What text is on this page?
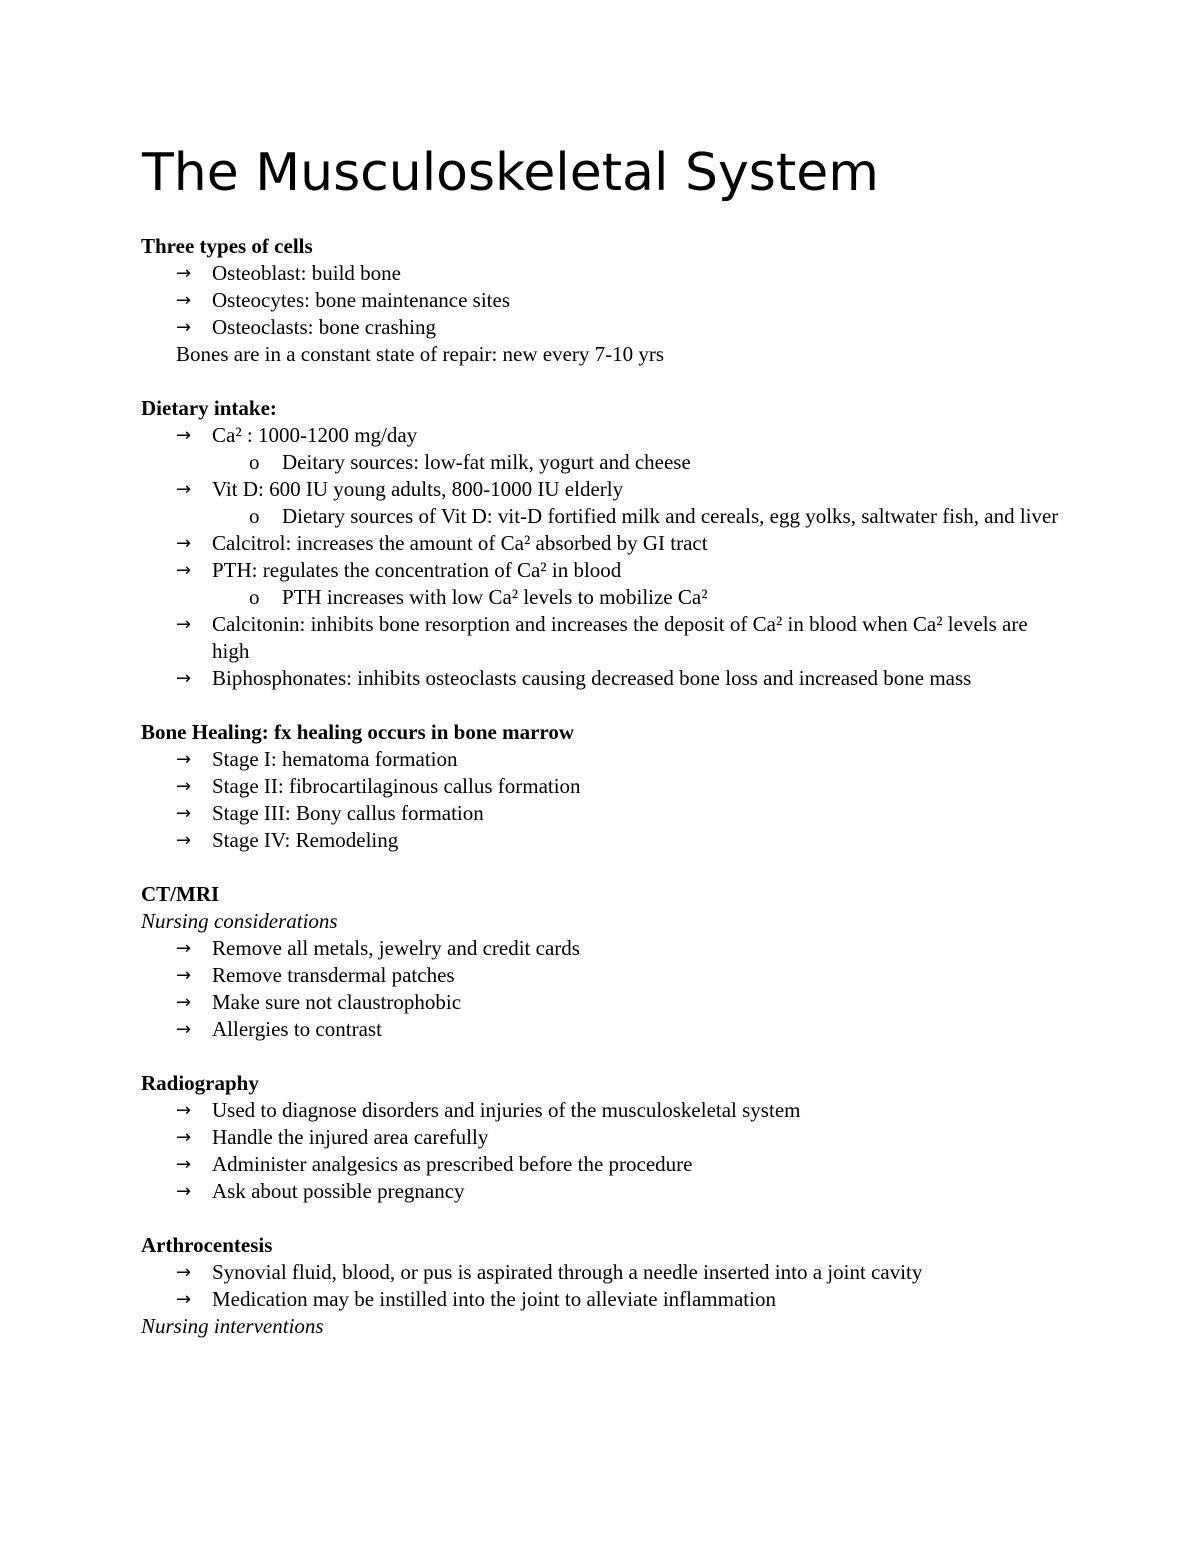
The Musculoskeletal System
Three types of cells
→ Osteoblast: build bone
→ Osteocytes: bone maintenance sites
→ Osteoclasts: bone crashing
Bones are in a constant state of repair: new every 7-10 yrs
Dietary intake:
→ Ca² : 1000-1200 mg/day
o Deitary sources: low-fat milk, yogurt and cheese
→ Vit D: 600 IU young adults, 800-1000 IU elderly
o Dietary sources of Vit D: vit-D fortified milk and cereals, egg yolks, saltwater fish, and liver
→ Calcitrol: increases the amount of Ca² absorbed by GI tract
→ PTH: regulates the concentration of Ca² in blood
o PTH increases with low Ca² levels to mobilize Ca²
→ Calcitonin: inhibits bone resorption and increases the deposit of Ca² in blood when Ca² levels are high
→ Biphosphonates: inhibits osteoclasts causing decreased bone loss and increased bone mass
Bone Healing: fx healing occurs in bone marrow
→ Stage I: hematoma formation
→ Stage II: fibrocartilaginous callus formation
→ Stage III: Bony callus formation
→ Stage IV: Remodeling
CT/MRI
Nursing considerations
→ Remove all metals, jewelry and credit cards
→ Remove transdermal patches
→ Make sure not claustrophobic
→ Allergies to contrast
Radiography
→ Used to diagnose disorders and injuries of the musculoskeletal system
→ Handle the injured area carefully
→ Administer analgesics as prescribed before the procedure
→ Ask about possible pregnancy
Arthrocentesis
→ Synovial fluid, blood, or pus is aspirated through a needle inserted into a joint cavity
→ Medication may be instilled into the joint to alleviate inflammation
Nursing interventions
